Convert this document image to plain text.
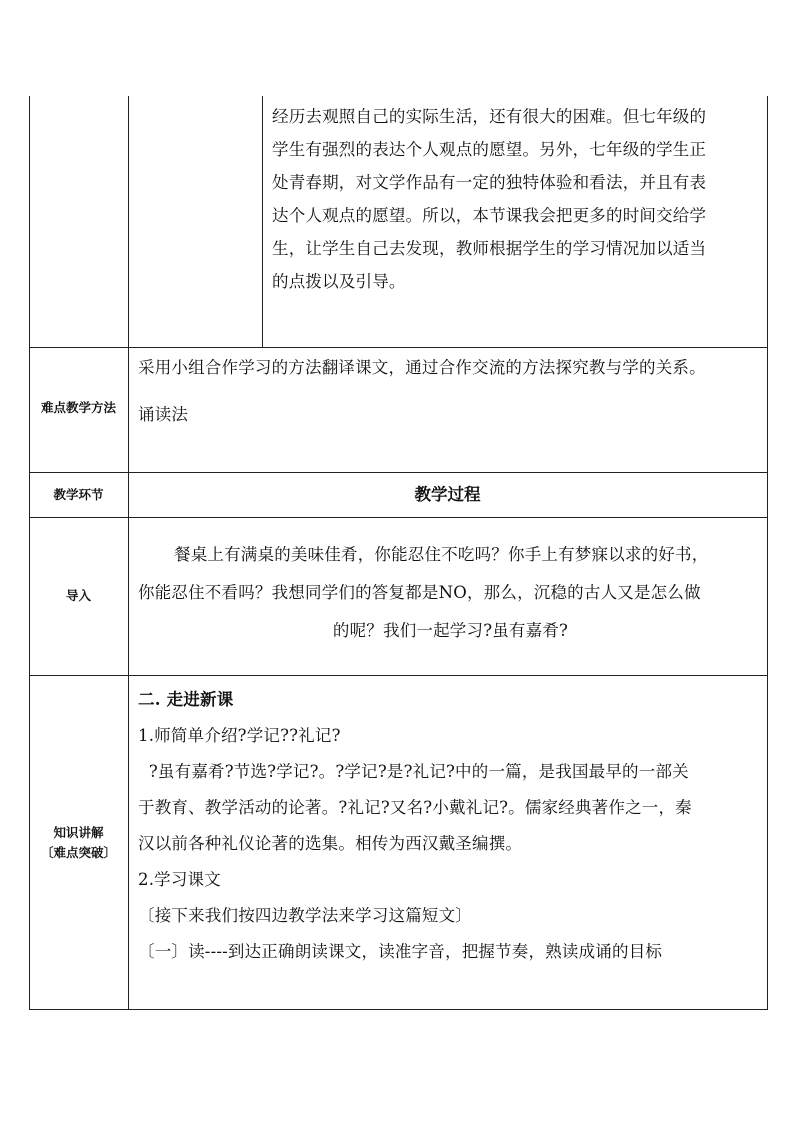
经历去观照自己的实际生活，还有很大的困难。但七年级的
学生有强烈的表达个人观点的愿望。另外，七年级的学生正
处青春期，对文学作品有一定的独特体验和看法，并且有表
达个人观点的愿望。所以，本节课我会把更多的时间交给学
生，让学生自己去发现，教师根据学生的学习情况加以适当
的点拨以及引导。
难点教学方法
采用小组合作学习的方法翻译课文，通过合作交流的方法探究教与学的关系。
诵读法
教学环节	教学过程
导入
餐桌上有满桌的美味佳肴，你能忍住不吃吗？你手上有梦寐以求的好书，
你能忍住不看吗？我想同学们的答复都是NO，那么，沉稳的古人又是怎么做
的呢？我们一起学习?虽有嘉肴?
知识讲解
〔难点突破〕
二. 走进新课
1.师简单介绍?学记??礼记?
?虽有嘉肴?节选?学记?。?学记?是?礼记?中的一篇，是我国最早的一部关
于教育、教学活动的论著。?礼记?又名?小戴礼记?。儒家经典著作之一，秦
汉以前各种礼仪论著的选集。相传为西汉戴圣编撰。
2.学习课文
〔接下来我们按四边教学法来学习这篇短文〕
〔一〕读----到达正确朗读课文，读准字音，把握节奏，熟读成诵的目标
